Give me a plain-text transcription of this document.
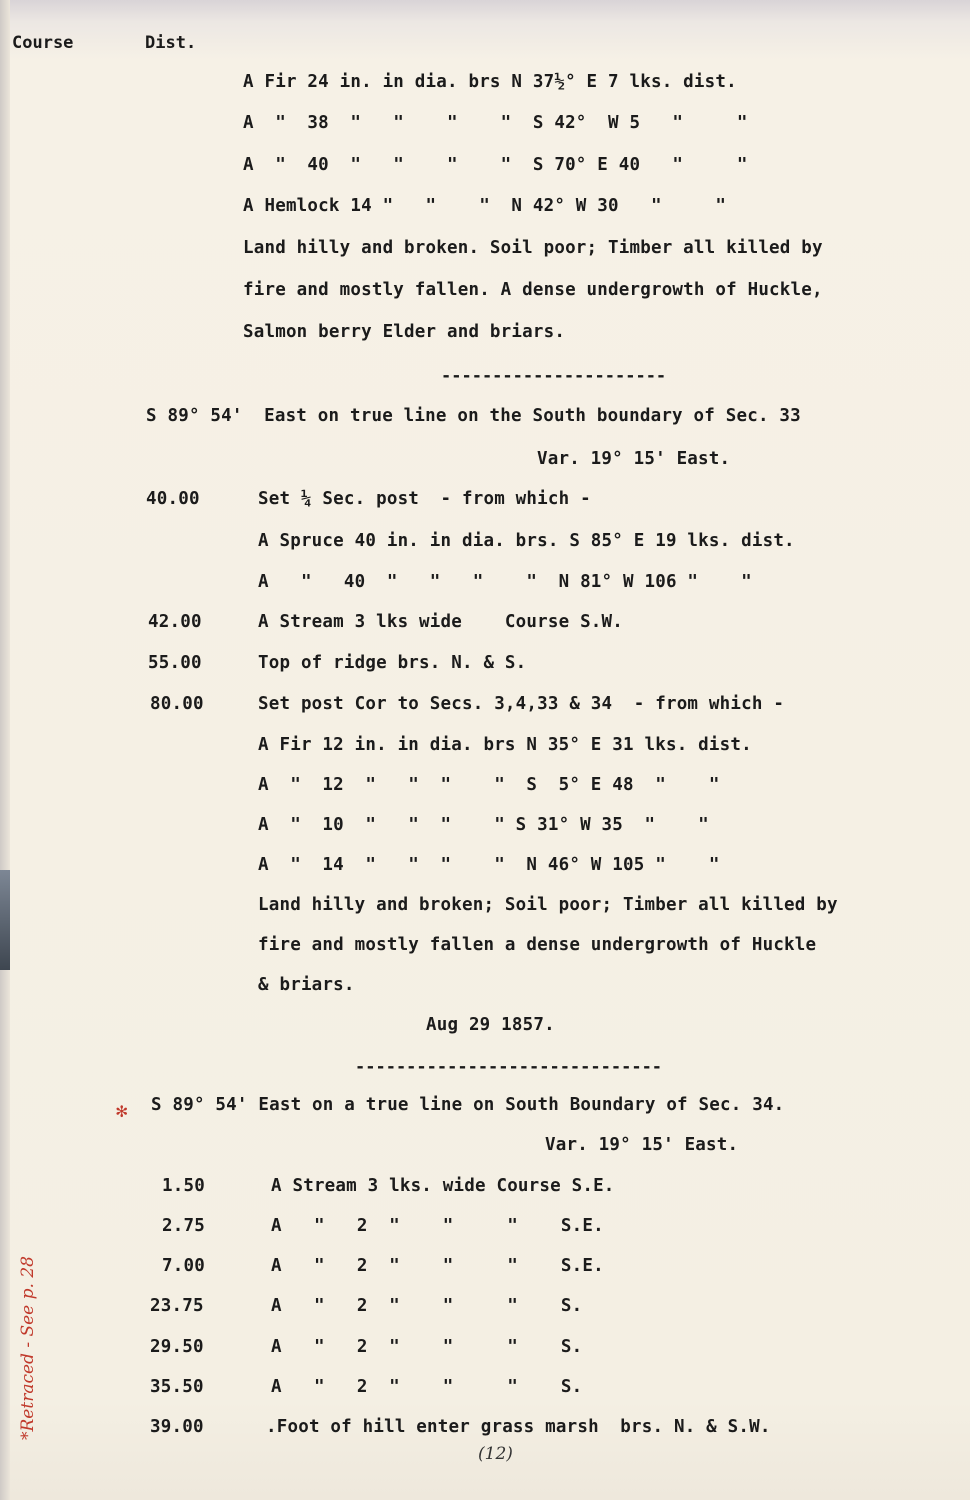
Course	Dist.
A Fir 24 in. in dia. brs N 37½° E 7 lks. dist.
A  "  38  "   "    "    "  S 42°  W 5   "     "
A  "  40  "   "    "    "  S 70° E 40   "     "
A Hemlock 14 "   "    "  N 42° W 30   "     "
Land hilly and broken. Soil poor; Timber all killed by
fire and mostly fallen. A dense undergrowth of Huckle,
Salmon berry Elder and briars.
S 89° 54'  East on true line on the South boundary of Sec. 33
Var. 19° 15' East.
40.00	Set ¼ Sec. post  - from which -
A Spruce 40 in. in dia. brs. S 85° E 19 lks. dist.
A   "   40  "   "   "    "  N 81° W 106 "    "
42.00	A Stream 3 lks wide    Course S.W.
55.00	Top of ridge brs. N. & S.
80.00	Set post Cor to Secs. 3,4,33 & 34  - from which -
A Fir 12 in. in dia. brs N 35° E 31 lks. dist.
A  "  12  "   "  "    "  S  5° E 48  "    "
A  "  10  "   "  "    " S 31° W 35  "    "
A  "  14  "   "  "    "  N 46° W 105 "    "
Land hilly and broken; Soil poor; Timber all killed by
fire and mostly fallen a dense undergrowth of Huckle
& briars.
Aug 29 1857.
S 89° 54' East on a true line on South Boundary of Sec. 34.
Var. 19° 15' East.
1.50	A Stream 3 lks. wide Course S.E.
2.75	A   "   2  "    "     "    S.E.
7.00	A   "   2  "    "     "    S.E.
23.75	A   "   2  "    "     "    S.
29.50	A   "   2  "    "     "    S.
35.50	A   "   2  "    "     "    S.
39.00	.Foot of hill enter grass marsh  brs. N. & S.W.
----------------------
------------------------------
✻
*Retraced - See p. 28
(12)
